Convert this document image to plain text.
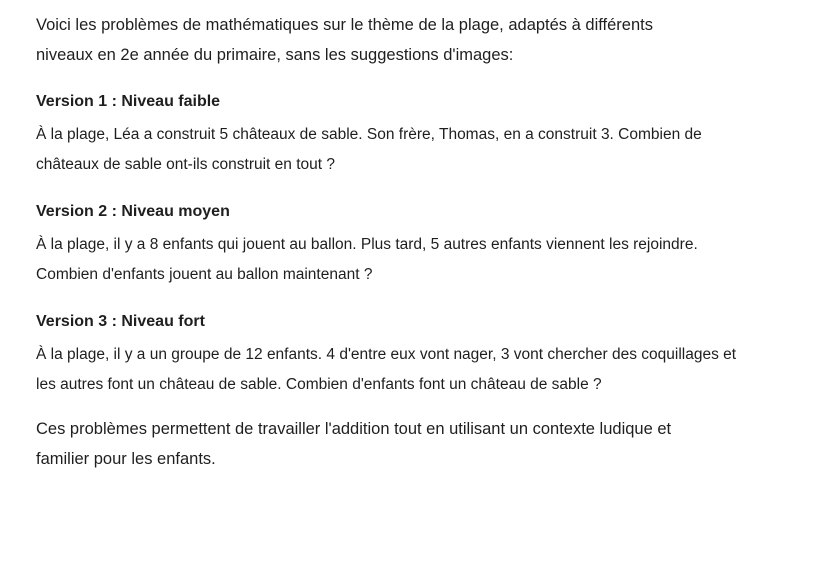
Voici les problèmes de mathématiques sur le thème de la plage, adaptés à différents niveaux en 2e année du primaire, sans les suggestions d'images:

Version 1 : Niveau faible

À la plage, Léa a construit 5 châteaux de sable. Son frère, Thomas, en a construit 3. Combien de châteaux de sable ont-ils construit en tout ?

Version 2 : Niveau moyen

À la plage, il y a 8 enfants qui jouent au ballon. Plus tard, 5 autres enfants viennent les rejoindre. Combien d'enfants jouent au ballon maintenant ?

Version 3 : Niveau fort

À la plage, il y a un groupe de 12 enfants. 4 d'entre eux vont nager, 3 vont chercher des coquillages et les autres font un château de sable. Combien d'enfants font un château de sable ?

Ces problèmes permettent de travailler l'addition tout en utilisant un contexte ludique et familier pour les enfants.
